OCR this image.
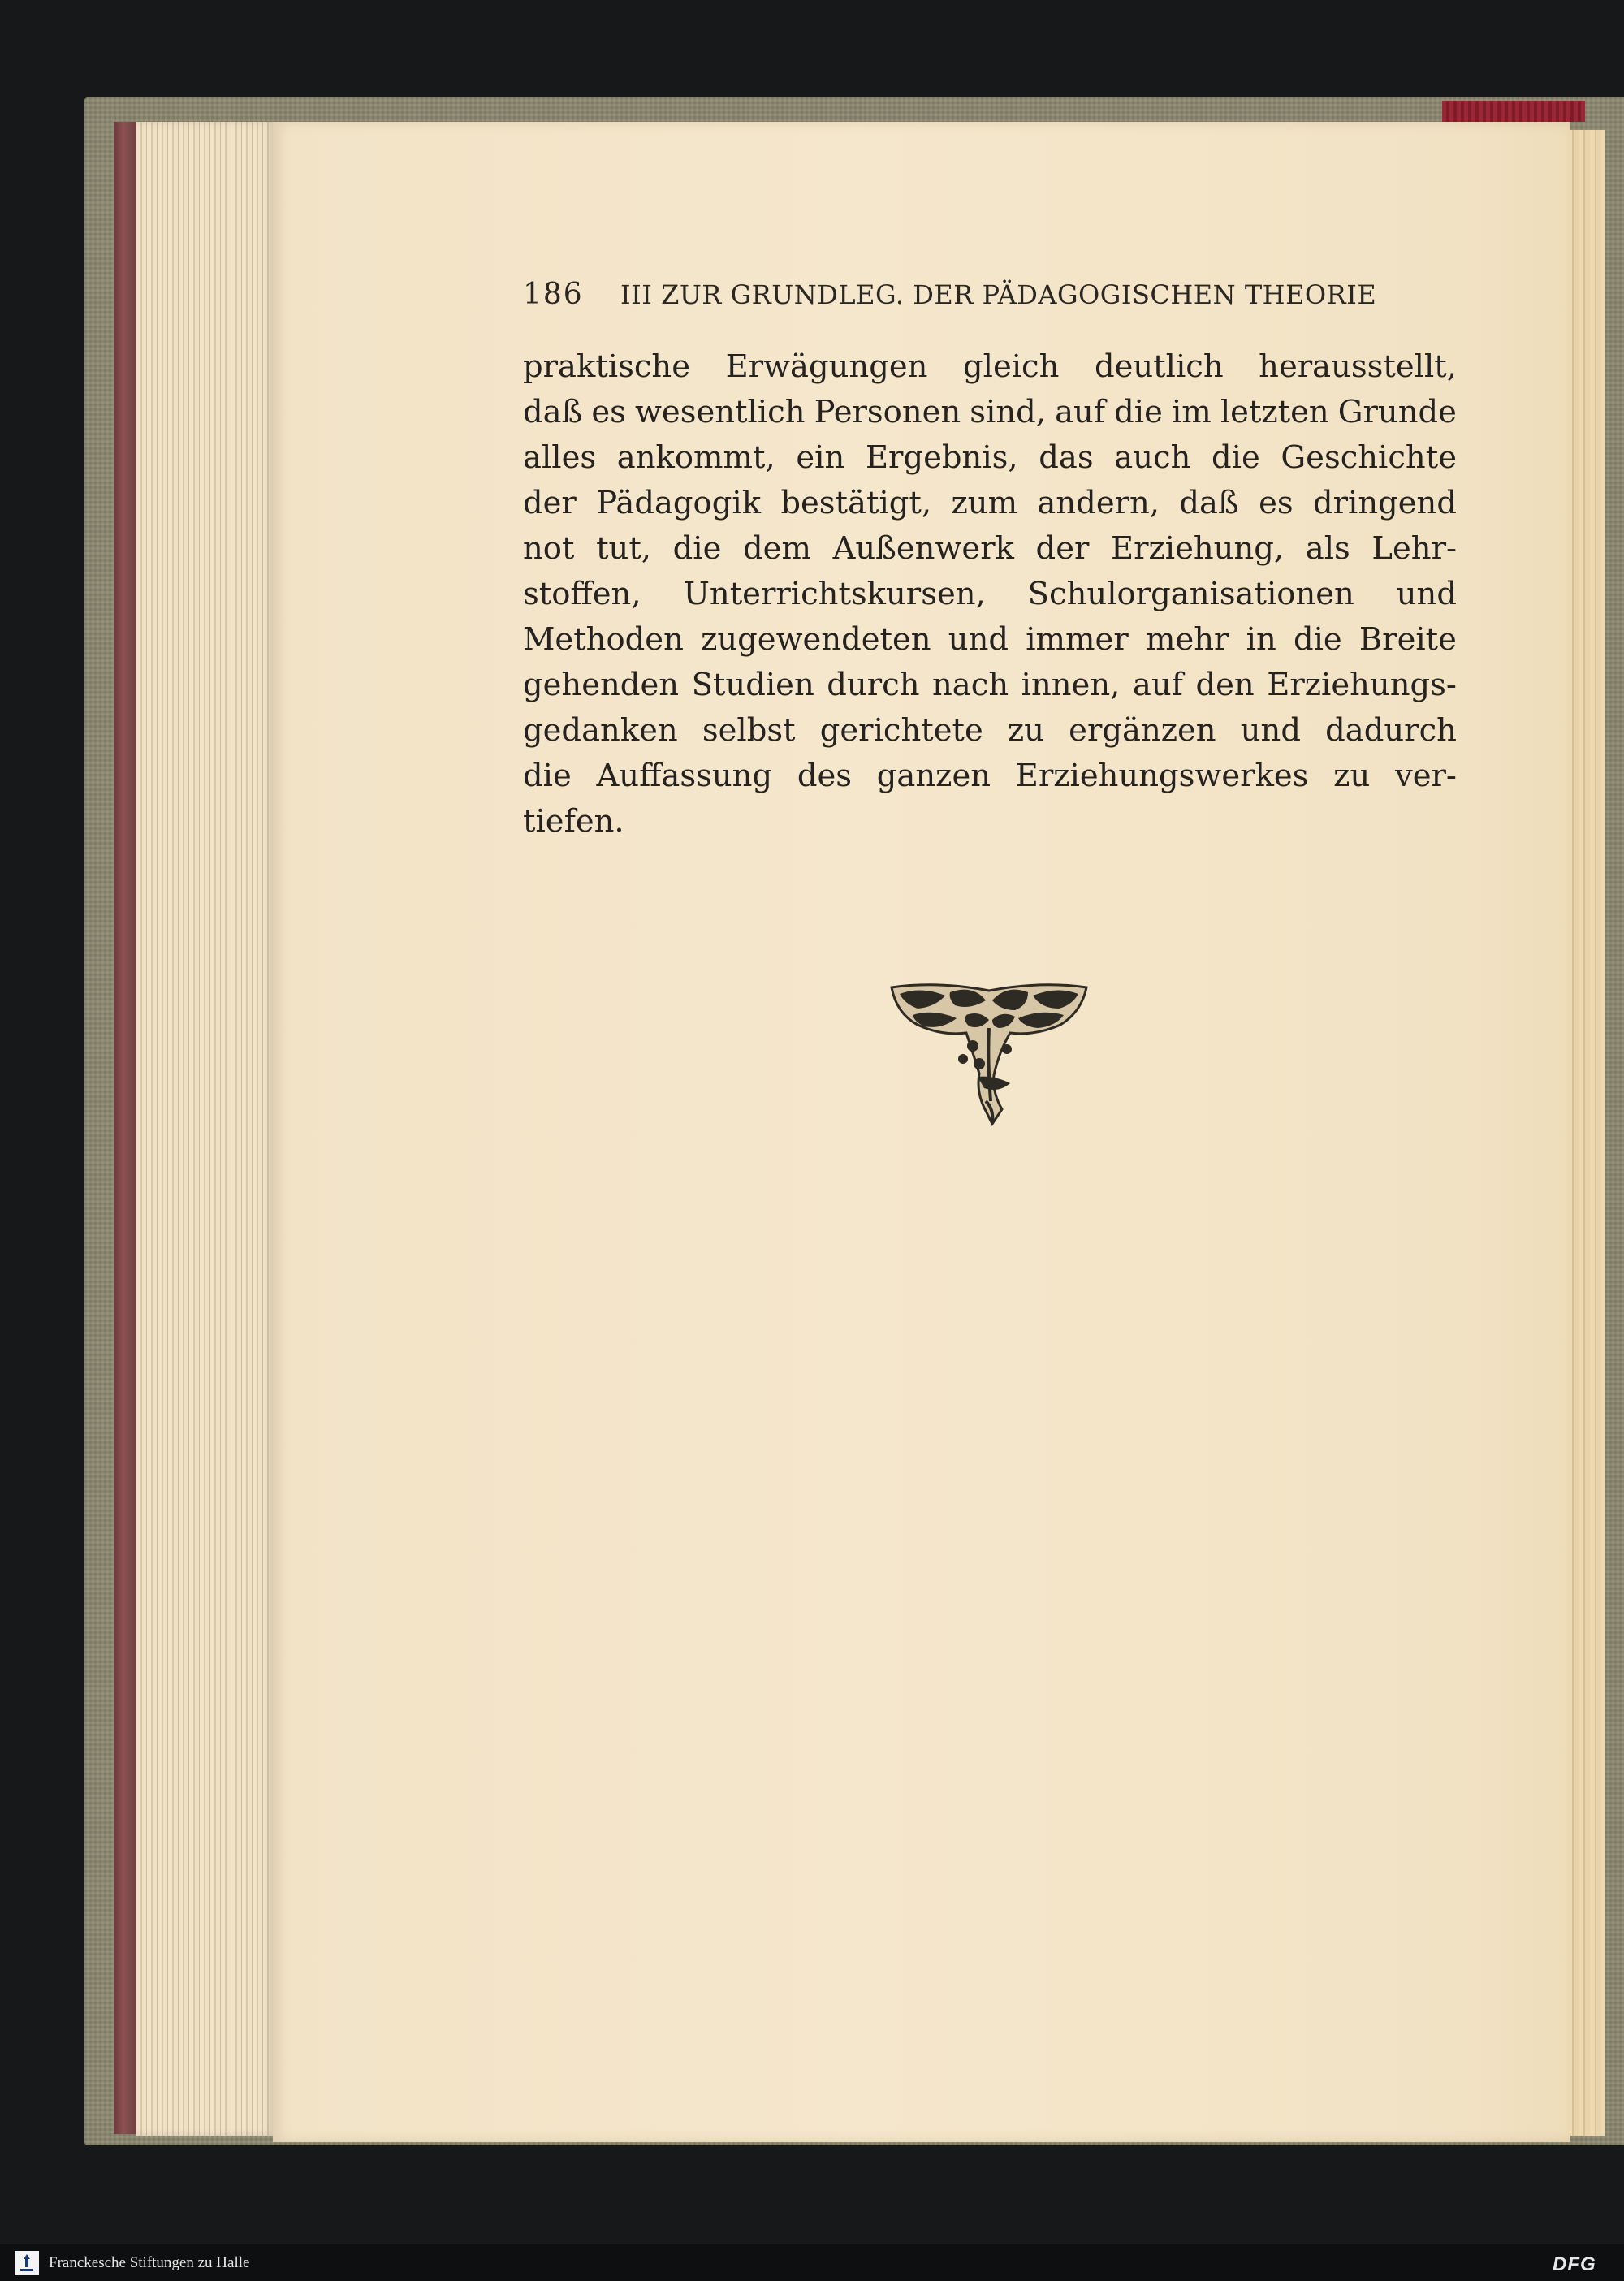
186 III ZUR GRUNDLEG. DER PÄDAGOGISCHEN THEORIE
praktische Erwägungen gleich deutlich herausstellt,
daß es wesentlich Personen sind, auf die im letzten Grunde
alles ankommt, ein Ergebnis, das auch die Geschichte
der Pädagogik bestätigt, zum andern, daß es dringend
not tut, die dem Außenwerk der Erziehung, als Lehr-
stoffen, Unterrichtskursen, Schulorganisationen und
Methoden zugewendeten und immer mehr in die Breite
gehenden Studien durch nach innen, auf den Erziehungs-
gedanken selbst gerichtete zu ergänzen und dadurch
die Auffassung des ganzen Erziehungswerkes zu ver-
tiefen.
Franckesche Stiftungen zu Halle	DFG
